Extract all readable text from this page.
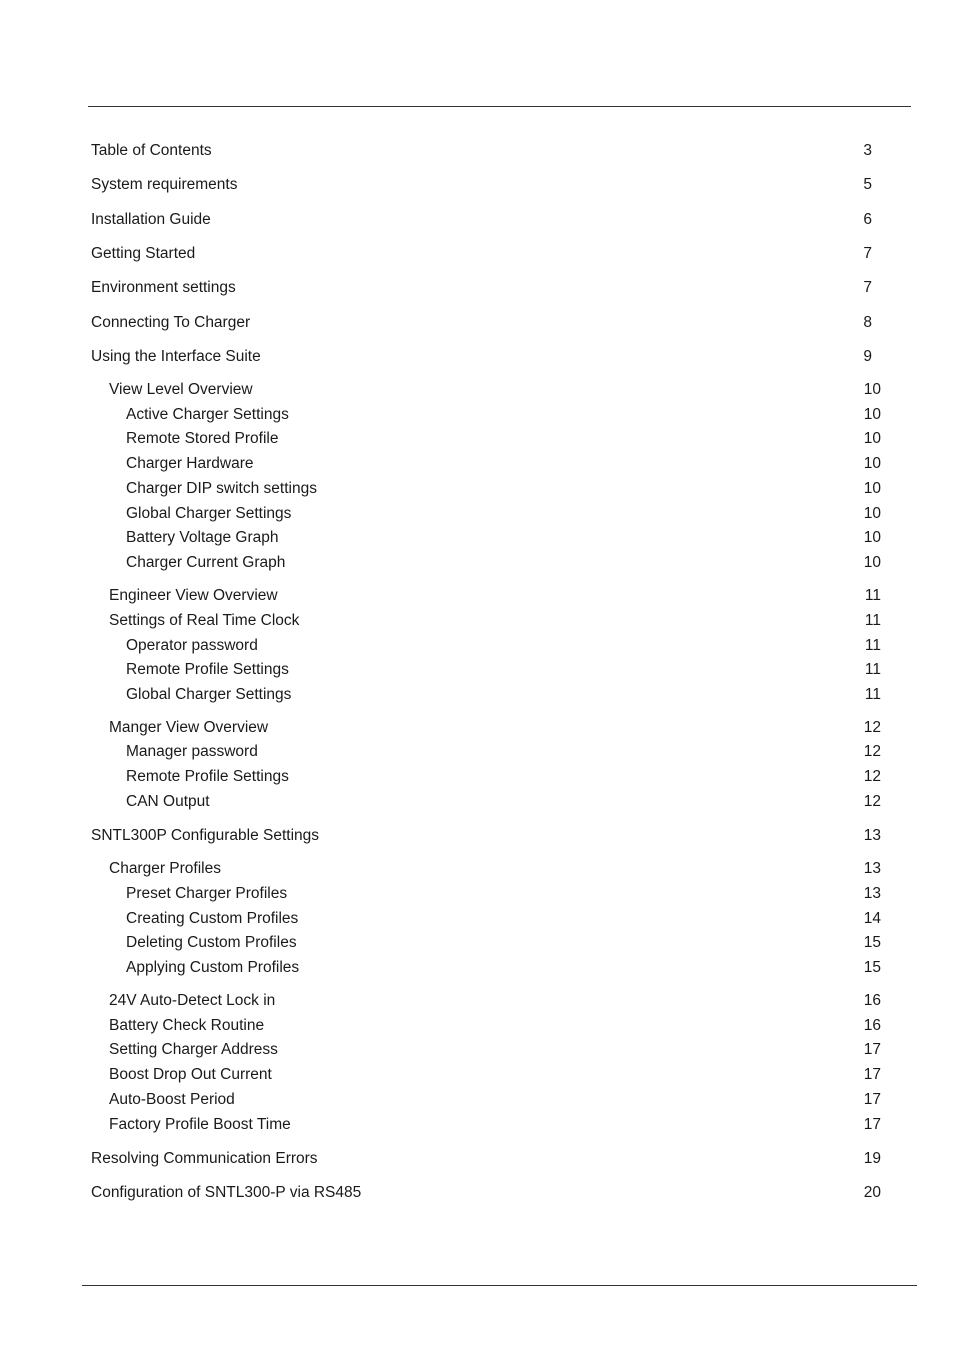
Table of Contents	3
System requirements	5
Installation Guide	6
Getting Started	7
Environment settings	7
Connecting To Charger	8
Using the Interface Suite	9
View Level Overview	10
Active Charger Settings	10
Remote Stored Profile	10
Charger Hardware	10
Charger DIP switch settings	10
Global Charger Settings	10
Battery Voltage Graph	10
Charger Current Graph	10
Engineer View Overview	11
Settings of Real Time Clock	11
Operator password	11
Remote Profile Settings	11
Global Charger Settings	11
Manger View Overview	12
Manager password	12
Remote Profile Settings	12
CAN Output	12
SNTL300P Configurable Settings	13
Charger Profiles	13
Preset Charger Profiles	13
Creating Custom Profiles	14
Deleting Custom Profiles	15
Applying Custom Profiles	15
24V Auto-Detect Lock in	16
Battery Check Routine	16
Setting Charger Address	17
Boost Drop Out Current	17
Auto-Boost Period	17
Factory Profile Boost Time	17
Resolving Communication Errors	19
Configuration of SNTL300-P via RS485	20
